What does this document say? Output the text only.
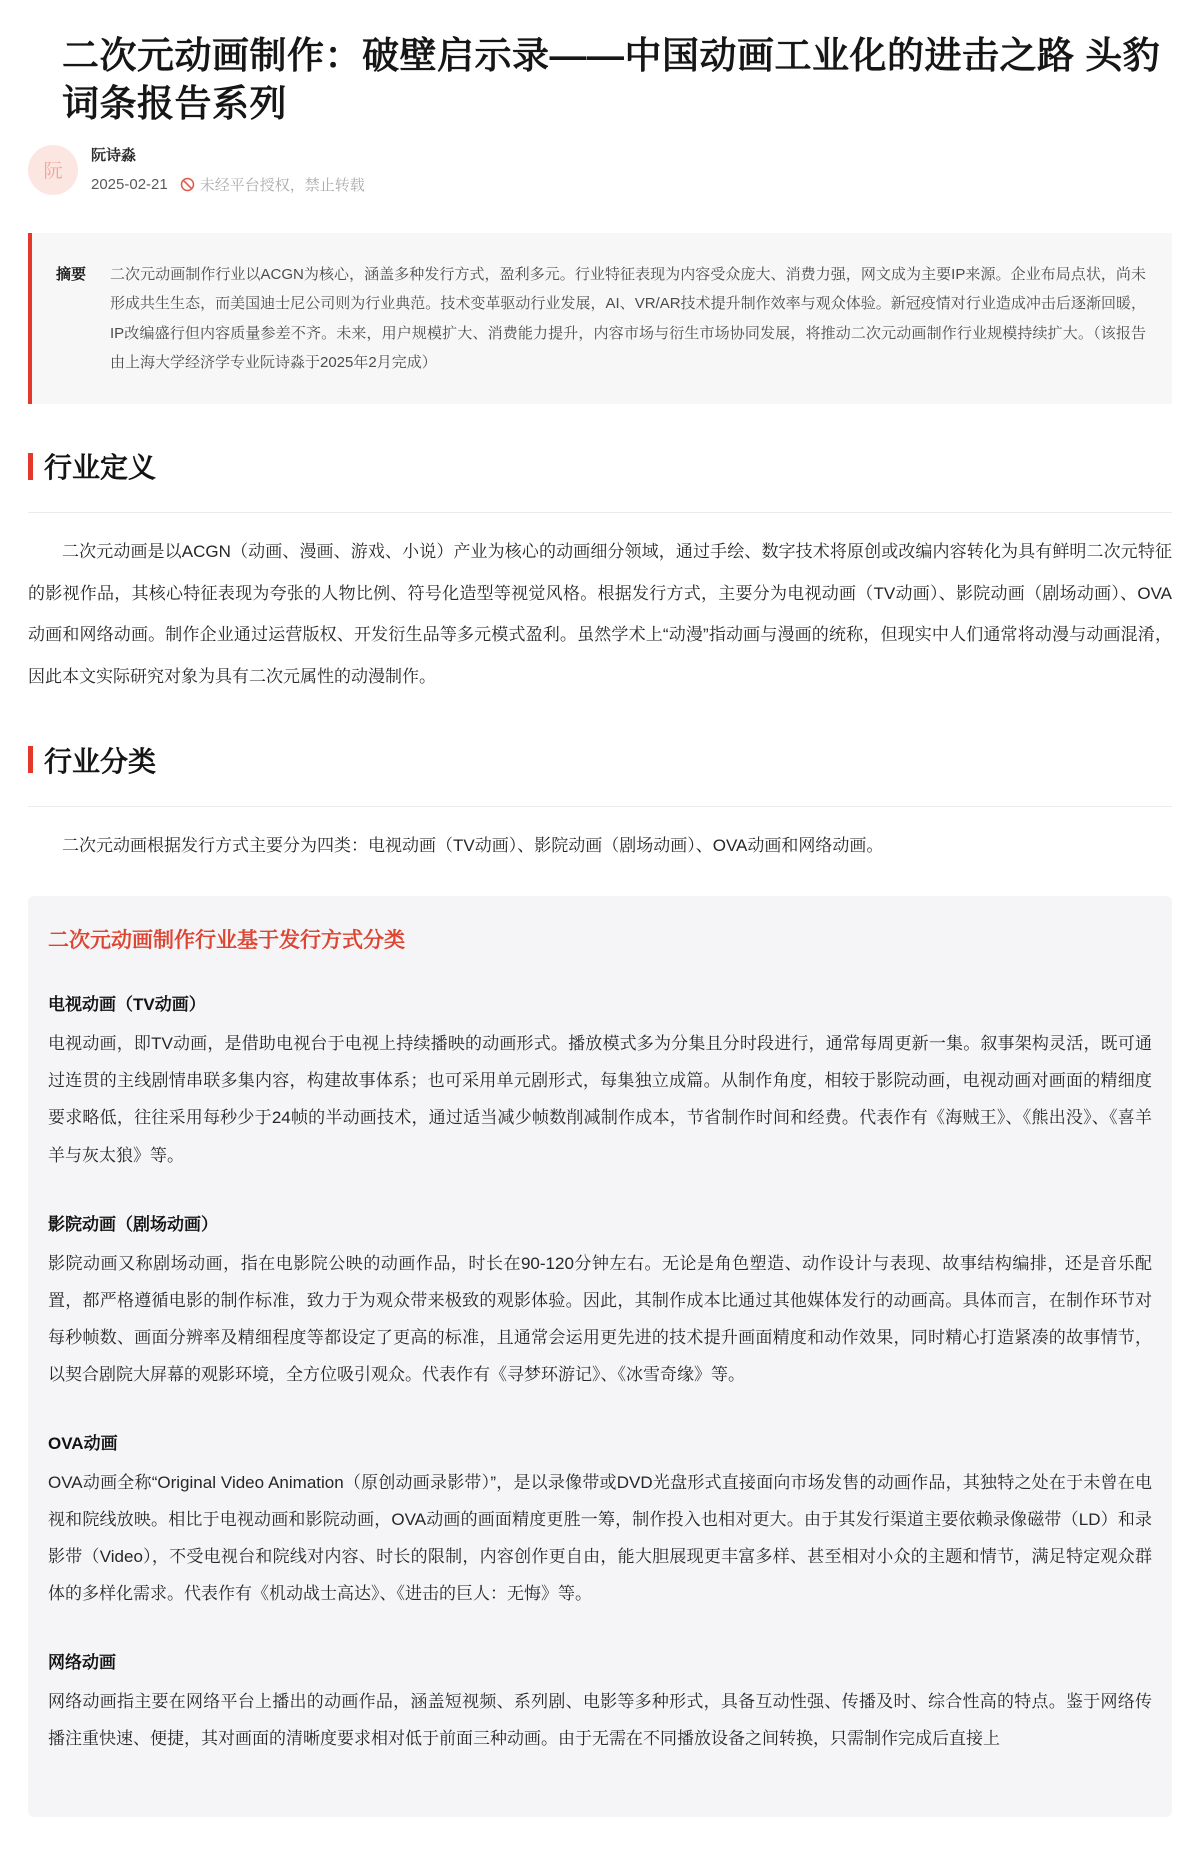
二次元动画制作：破壁启示录——中国动画工业化的进击之路 头豹词条报告系列
阮
阮诗淼
2025-02-21 未经平台授权，禁止转载
摘要	二次元动画制作行业以ACGN为核心，涵盖多种发行方式，盈利多元。行业特征表现为内容受众庞大、消费力强，网文成为主要IP来源。企业布局点状，尚未形成共生生态，而美国迪士尼公司则为行业典范。技术变革驱动行业发展，AI、VR/AR技术提升制作效率与观众体验。新冠疫情对行业造成冲击后逐渐回暖，IP改编盛行但内容质量参差不齐。未来，用户规模扩大、消费能力提升，内容市场与衍生市场协同发展，将推动二次元动画制作行业规模持续扩大。（该报告由上海大学经济学专业阮诗淼于2025年2月完成）
行业定义

二次元动画是以ACGN（动画、漫画、游戏、小说）产业为核心的动画细分领域，通过手绘、数字技术将原创或改编内容转化为具有鲜明二次元特征的影视作品，其核心特征表现为夸张的人物比例、符号化造型等视觉风格。根据发行方式，主要分为电视动画（TV动画）、影院动画（剧场动画）、OVA动画和网络动画。制作企业通过运营版权、开发衍生品等多元模式盈利。虽然学术上“动漫”指动画与漫画的统称，但现实中人们通常将动漫与动画混淆，因此本文实际研究对象为具有二次元属性的动漫制作。

行业分类

二次元动画根据发行方式主要分为四类：电视动画（TV动画）、影院动画（剧场动画）、OVA动画和网络动画。

二次元动画制作行业基于发行方式分类
电视动画（TV动画）

电视动画，即TV动画，是借助电视台于电视上持续播映的动画形式。播放模式多为分集且分时段进行，通常每周更新一集。叙事架构灵活，既可通过连贯的主线剧情串联多集内容，构建故事体系；也可采用单元剧形式，每集独立成篇。从制作角度，相较于影院动画，电视动画对画面的精细度要求略低，往往采用每秒少于24帧的半动画技术，通过适当减少帧数削减制作成本，节省制作时间和经费。代表作有《海贼王》、《熊出没》、《喜羊羊与灰太狼》等。

影院动画（剧场动画）

影院动画又称剧场动画，指在电影院公映的动画作品，时长在90-120分钟左右。无论是角色塑造、动作设计与表现、故事结构编排，还是音乐配置，都严格遵循电影的制作标准，致力于为观众带来极致的观影体验。因此，其制作成本比通过其他媒体发行的动画高。具体而言，在制作环节对每秒帧数、画面分辨率及精细程度等都设定了更高的标准，且通常会运用更先进的技术提升画面精度和动作效果，同时精心打造紧凑的故事情节，以契合剧院大屏幕的观影环境，全方位吸引观众。代表作有《寻梦环游记》、《冰雪奇缘》等。

OVA动画

OVA动画全称“Original Video Animation（原创动画录影带）”，是以录像带或DVD光盘形式直接面向市场发售的动画作品，其独特之处在于未曾在电视和院线放映。相比于电视动画和影院动画，OVA动画的画面精度更胜一筹，制作投入也相对更大。由于其发行渠道主要依赖录像磁带（LD）和录影带（Video），不受电视台和院线对内容、时长的限制，内容创作更自由，能大胆展现更丰富多样、甚至相对小众的主题和情节，满足特定观众群体的多样化需求。代表作有《机动战士高达》、《进击的巨人：无悔》等。

网络动画

网络动画指主要在网络平台上播出的动画作品，涵盖短视频、系列剧、电影等多种形式，具备互动性强、传播及时、综合性高的特点。鉴于网络传播注重快速、便捷，其对画面的清晰度要求相对低于前面三种动画。由于无需在不同播放设备之间转换，只需制作完成后直接上
